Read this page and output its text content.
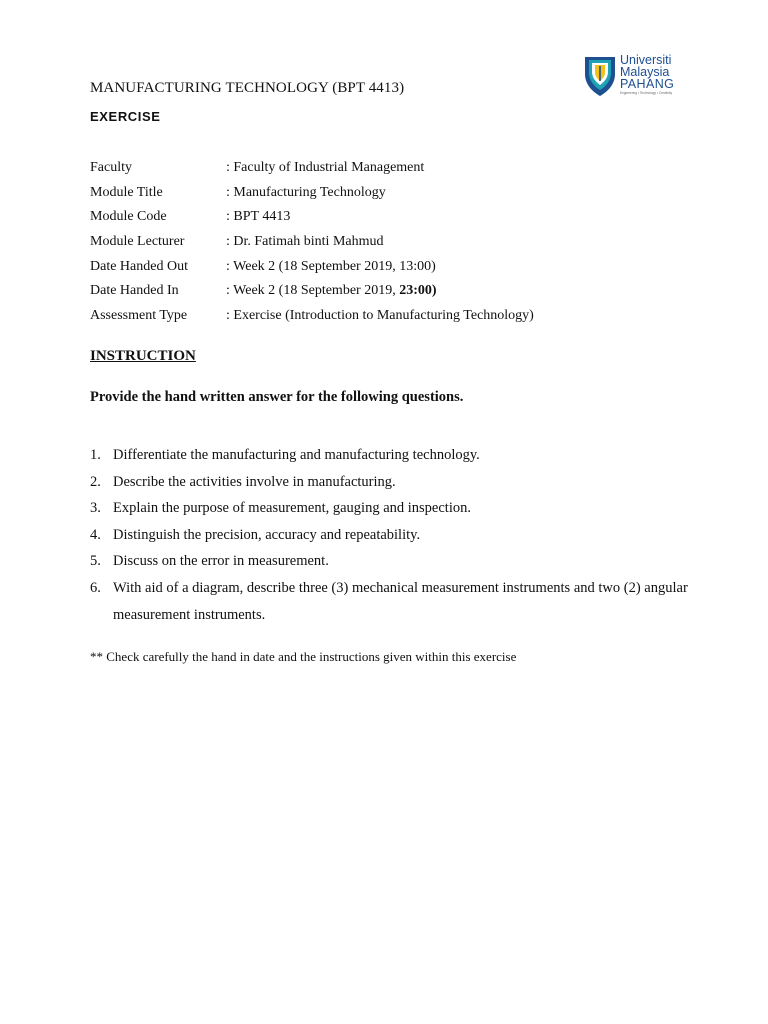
MANUFACTURING TECHNOLOGY (BPT 4413)
EXERCISE
Universiti
Malaysia
PAHANG
Engineering • Technology • Creativity
Faculty	: Faculty of Industrial Management
Module Title	: Manufacturing Technology
Module Code	: BPT 4413
Module Lecturer	: Dr. Fatimah binti Mahmud
Date Handed Out	: Week 2 (18 September 2019, 13:00)
Date Handed In	: Week 2 (18 September 2019, 23:00)
Assessment Type	: Exercise (Introduction to Manufacturing Technology)
INSTRUCTION
Provide the hand written answer for the following questions.
1. Differentiate the manufacturing and manufacturing technology.
2. Describe the activities involve in manufacturing.
3. Explain the purpose of measurement, gauging and inspection.
4. Distinguish the precision, accuracy and repeatability.
5. Discuss on the error in measurement.
6. With aid of a diagram, describe three (3) mechanical measurement instruments and two (2) angular measurement instruments.
** Check carefully the hand in date and the instructions given within this exercise
